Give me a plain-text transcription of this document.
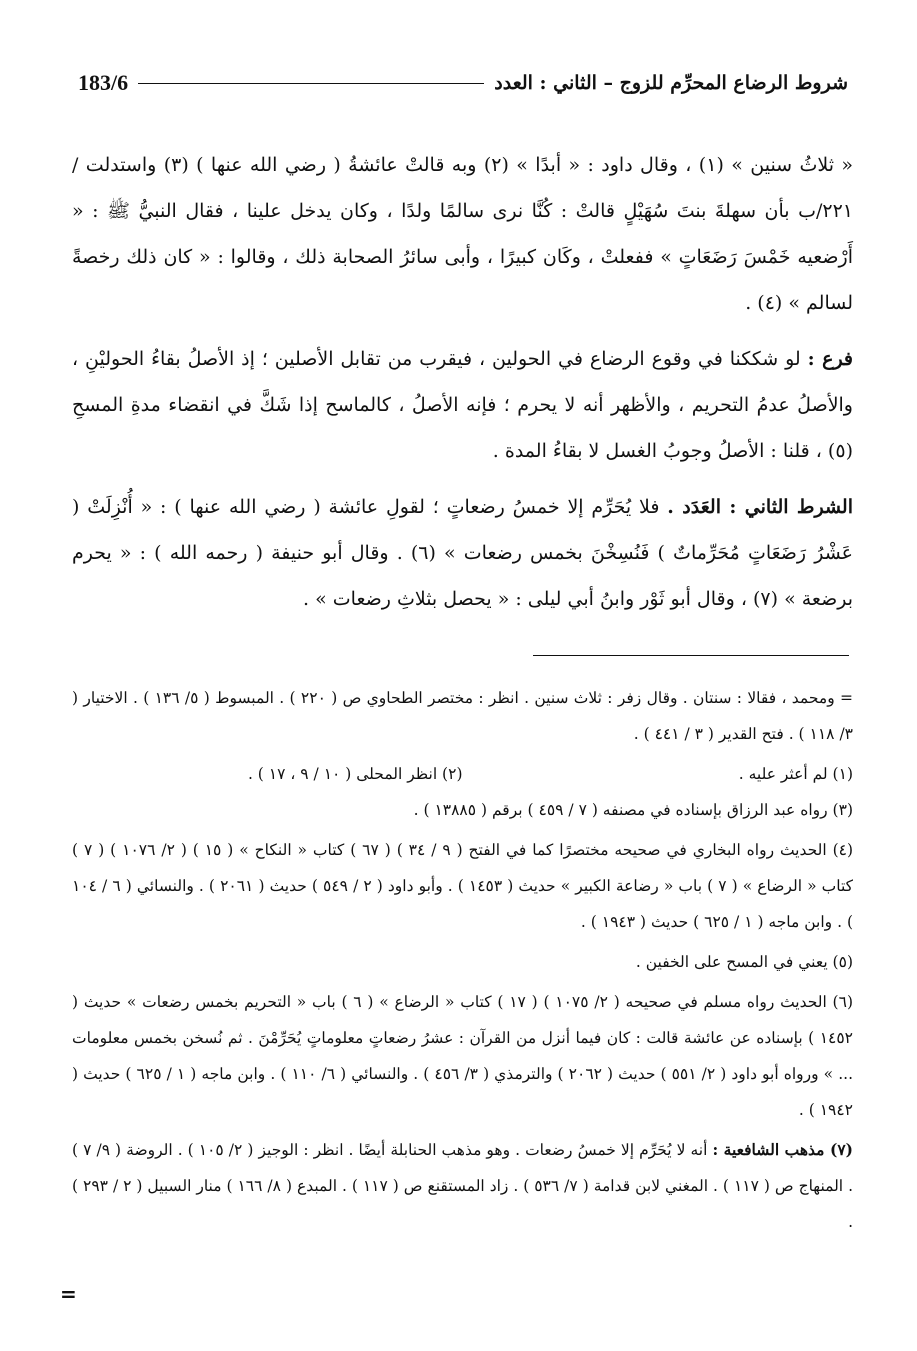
شروط الرضاع المحرِّم للزوج – الثاني : العدد
183/6

« ثلاثُ سنين » (١) ، وقال داود : « أبدًا » (٢) وبه قالتْ عائشةُ ( رضي الله عنها ) (٣) واستدلت / ٢٢١/ب بأن سهلةَ بنتَ سُهَيْلٍ قالتْ : كُنَّا نرى سالمًا ولدًا ، وكان يدخل علينا ، فقال النبيُّ ﷺ : « أَرْضعيه خَمْسَ رَضَعَاتٍ » ففعلتْ ، وكَان كبيرًا ، وأبى سائرُ الصحابة ذلك ، وقالوا : « كان ذلك رخصةً لسالم » (٤) .

فرع : لو شككنا في وقوع الرضاع في الحولين ، فيقرب من تقابل الأصلين ؛ إذ الأصلُ بقاءُ الحوليْنِ ، والأصلُ عدمُ التحريم ، والأظهر أنه لا يحرم ؛ فإنه الأصلُ ، كالماسح إذا شَكَّ في انقضاء مدةِ المسحِ (٥) ، قلنا : الأصلُ وجوبُ الغسل لا بقاءُ المدة .

الشرط الثاني : العَدَد . فلا يُحَرِّم إلا خمسُ رضعاتٍ ؛ لقولِ عائشة ( رضي الله عنها ) : « أُنْزِلَتْ ( عَشْرُ رَضَعَاتٍ مُحَرِّماتٌ ) فَنُسِخْنَ بخمس رضعات » (٦) . وقال أبو حنيفة ( رحمه الله ) : « يحرم برضعة » (٧) ، وقال أبو ثَوْر وابنُ أبي ليلى : « يحصل بثلاثِ رضعات » .

= ومحمد ، فقالا : سنتان . وقال زفر : ثلاث سنين . انظر : مختصر الطحاوي ص ( ٢٢٠ ) . المبسوط ( ٥/ ١٣٦ ) . الاختيار ( ٣/ ١١٨ ) . فتح القدير ( ٣ / ٤٤١ ) .

(١) لم أعثر عليه .
(٢) انظر المحلى ( ١٠ / ٩ ، ١٧ ) .

(٣) رواه عبد الرزاق بإسناده في مصنفه ( ٧ / ٤٥٩ ) برقم ( ١٣٨٨٥ ) .

(٤) الحديث رواه البخاري في صحيحه مختصرًا كما في الفتح ( ٩ / ٣٤ ) ( ٦٧ ) كتاب « النكاح » ( ١٥ ) ( ٢/ ١٠٧٦ ) ( ٧ ) كتاب « الرضاع » ( ٧ ) باب « رضاعة الكبير » حديث ( ١٤٥٣ ) . وأبو داود ( ٢ / ٥٤٩ ) حديث ( ٢٠٦١ ) . والنسائي ( ٦ / ١٠٤ ) . وابن ماجه ( ١ / ٦٢٥ ) حديث ( ١٩٤٣ ) .

(٥) يعني في المسح على الخفين .

(٦) الحديث رواه مسلم في صحيحه ( ٢/ ١٠٧٥ ) ( ١٧ ) كتاب « الرضاع » ( ٦ ) باب « التحريم بخمس رضعات » حديث ( ١٤٥٢ ) بإسناده عن عائشة قالت : كان فيما أنزل من القرآن : عشرُ رضعاتٍ معلوماتٍ يُحَرِّمْنَ . ثم نُسخن بخمس معلومات ... » ورواه أبو داود ( ٢/ ٥٥١ ) حديث ( ٢٠٦٢ ) والترمذي ( ٣/ ٤٥٦ ) . والنسائي ( ٦/ ١١٠ ) . وابن ماجه ( ١ / ٦٢٥ ) حديث ( ١٩٤٢ ) .

(٧) مذهب الشافعية : أنه لا يُحَرِّم إلا خمسُ رضعات . وهو مذهب الحنابلة أيضًا . انظر : الوجيز ( ٢/ ١٠٥ ) . الروضة ( ٩/ ٧ ) . المنهاج ص ( ١١٧ ) . المغني لابن قدامة ( ٧/ ٥٣٦ ) . زاد المستقنع ص ( ١١٧ ) . المبدع ( ٨/ ١٦٦ ) منار السبيل ( ٢ / ٢٩٣ ) .

=
